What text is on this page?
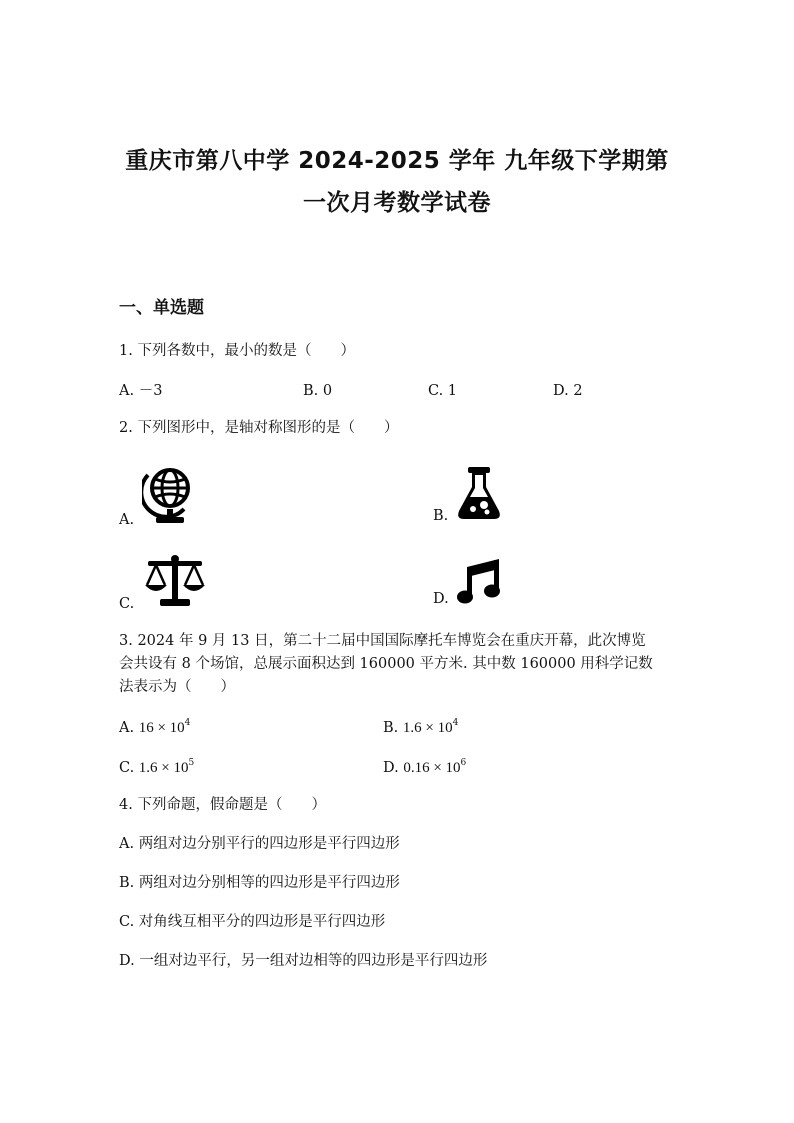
重庆市第八中学 2024-2025 学年 九年级下学期第
一次月考数学试卷
一、单选题
1. 下列各数中，最小的数是（　　）
A. －3	B. 0	C. 1	D. 2
2. 下列图形中，是轴对称图形的是（　　）
A.	B.
C.	D.
3. 2024 年 9 月 13 日，第二十二届中国国际摩托车博览会在重庆开幕，此次博览
会共设有 8 个场馆，总展示面积达到 160000 平方米. 其中数 160000 用科学记数
法表示为（　　）
A. $16 \times 10^4$	B. $1.6 \times 10^4$
C. $1.6 \times 10^5$	D. $0.16 \times 10^6$
4. 下列命题，假命题是（　　）
A. 两组对边分别平行的四边形是平行四边形
B. 两组对边分别相等的四边形是平行四边形
C. 对角线互相平分的四边形是平行四边形
D. 一组对边平行，另一组对边相等的四边形是平行四边形
